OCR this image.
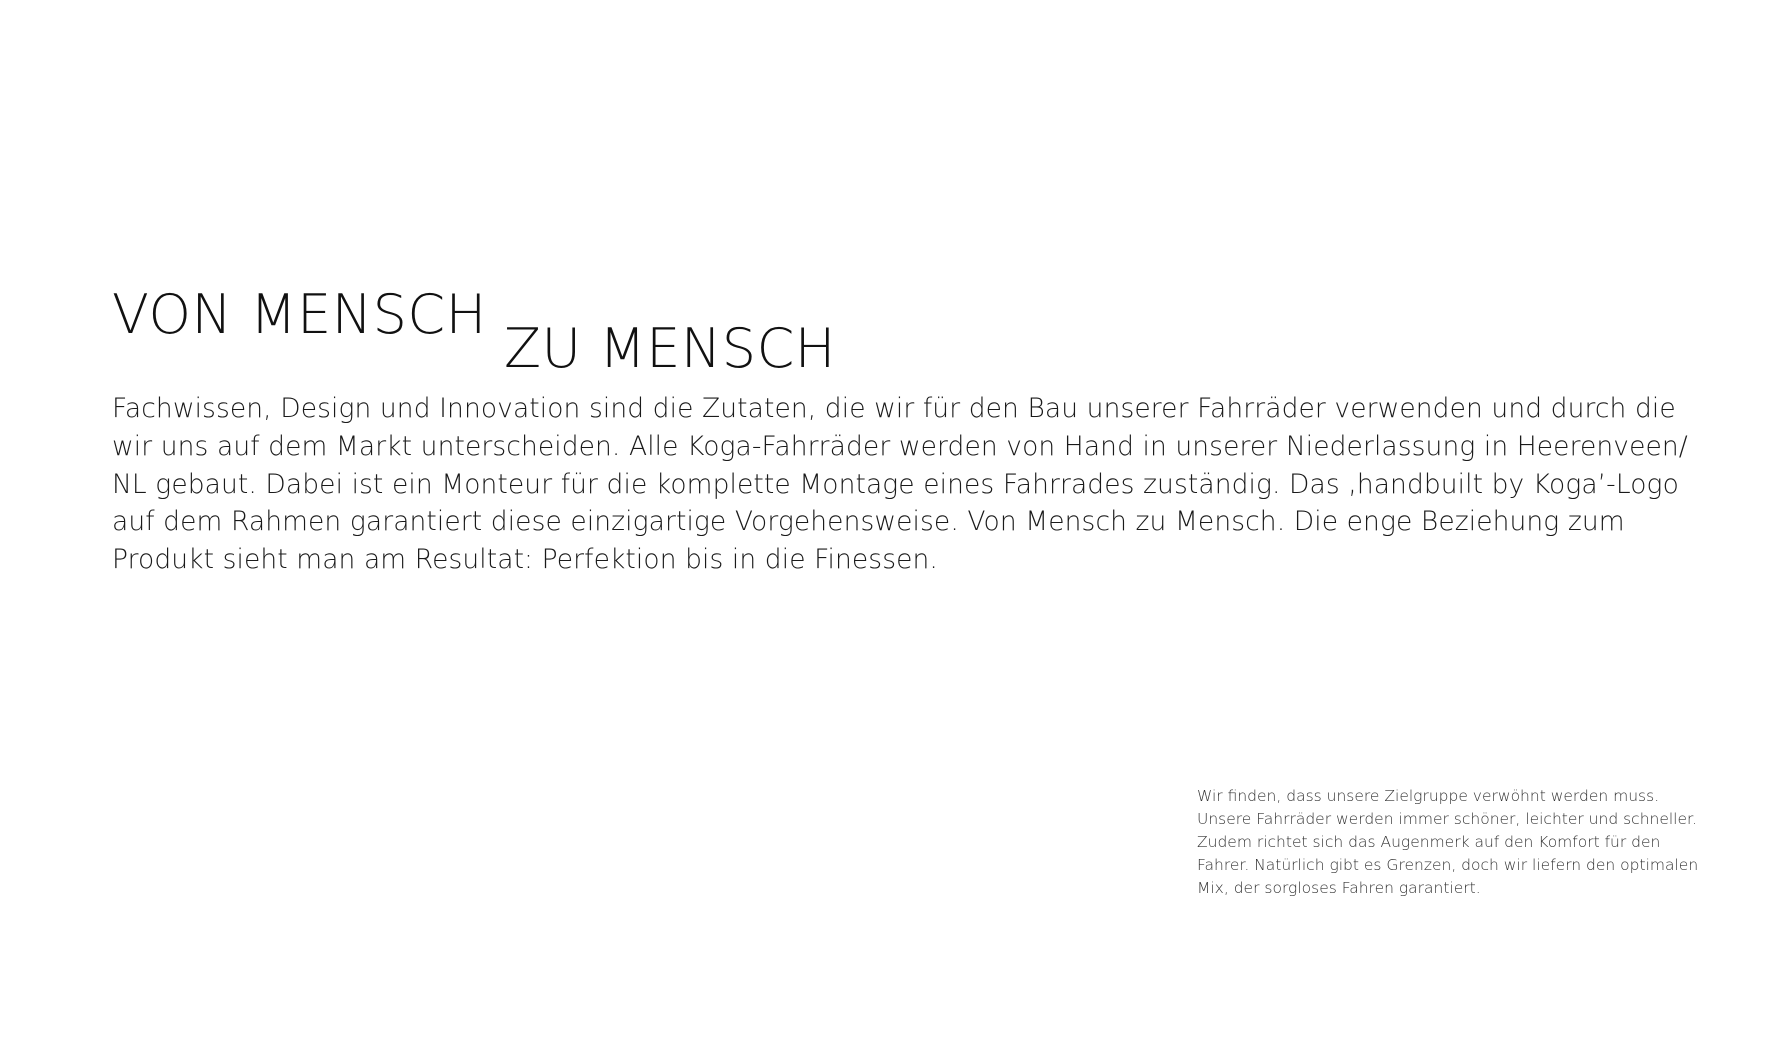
VON MENSCH
ZU MENSCH

Fachwissen, Design und Innovation sind die Zutaten, die wir für den Bau unserer Fahrräder verwenden und durch die wir uns auf dem Markt unterscheiden. Alle Koga-Fahrräder werden von Hand in unserer Niederlassung in Heerenveen/ NL gebaut. Dabei ist ein Monteur für die komplette Montage eines Fahrrades zuständig. Das ‚handbuilt by Koga’-Logo auf dem Rahmen garantiert diese einzigartige Vorgehensweise. Von Mensch zu Mensch. Die enge Beziehung zum Produkt sieht man am Resultat: Perfektion bis in die Finessen.

Wir finden, dass unsere Zielgruppe verwöhnt werden muss. Unsere Fahrräder werden immer schöner, leichter und schneller. Zudem richtet sich das Augenmerk auf den Komfort für den Fahrer. Natürlich gibt es Grenzen, doch wir liefern den optimalen Mix, der sorgloses Fahren garantiert.
